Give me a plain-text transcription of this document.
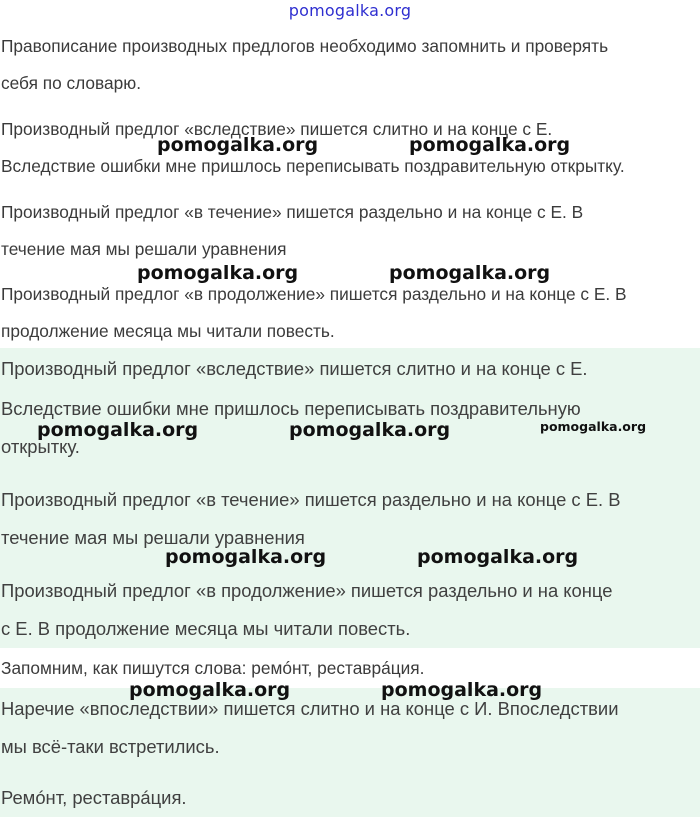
pomogalka.org

Правописание производных предлогов необходимо запомнить и проверять
себя по словарю.

Производный предлог «вследствие» пишется слитно и на конце с Е.
Вследствие ошибки мне пришлось переписывать поздравительную открытку.

Производный предлог «в течение» пишется раздельно и на конце с Е. В
течение мая мы решали уравнения

Производный предлог «в продолжение» пишется раздельно и на конце с Е. В
продолжение месяца мы читали повесть.

Производный предлог «вследствие» пишется слитно и на конце с Е.

Вследствие ошибки мне пришлось переписывать поздравительную
открытку.

Производный предлог «в течение» пишется раздельно и на конце с Е. В
течение мая мы решали уравнения

Производный предлог «в продолжение» пишется раздельно и на конце
с Е. В продолжение месяца мы читали повесть.

Запомним, как пишутся слова: ремóнт, реставрáция.

Наречие «впоследствии» пишется слитно и на конце с И. Впоследствии
мы всё-таки встретились.

Ремóнт, реставрáция.

pomogalka.org	pomogalka.org
pomogalka.org	pomogalka.org
pomogalka.org	pomogalka.org	pomogalka.org
pomogalka.org	pomogalka.org
pomogalka.org	pomogalka.org
